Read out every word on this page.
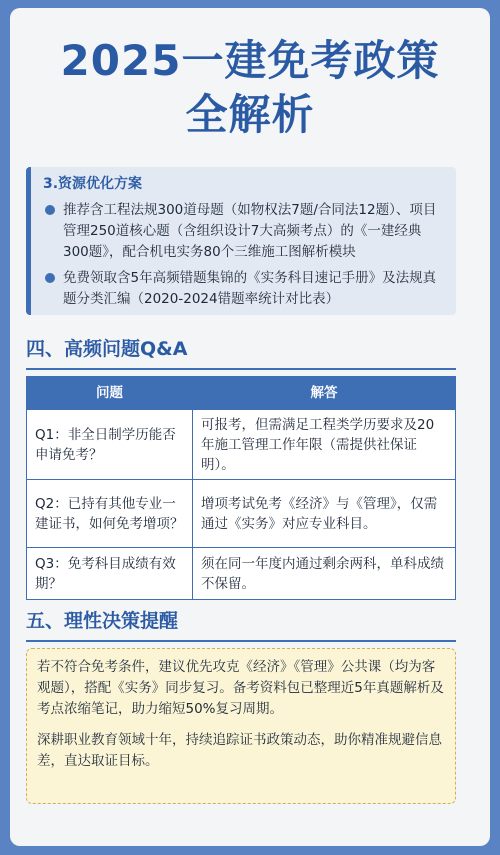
2025一建免考政策
全解析
3.资源优化方案
推荐含工程法规300道母题（如物权法7题/合同法12题）、项目管理250道核心题（含组织设计7大高频考点）的《一建经典300题》，配合机电实务80个三维施工图解析模块
免费领取含5年高频错题集锦的《实务科目速记手册》及法规真题分类汇编（2020-2024错题率统计对比表）
四、高频问题Q&A
问题	解答
Q1：非全日制学历能否申请免考？	可报考，但需满足工程类学历要求及20年施工管理工作年限（需提供社保证明）。
Q2：已持有其他专业一建证书，如何免考增项？	增项考试免考《经济》与《管理》，仅需通过《实务》对应专业科目。
Q3：免考科目成绩有效期？	须在同一年度内通过剩余两科，单科成绩不保留。
五、理性决策提醒

若不符合免考条件，建议优先攻克《经济》《管理》公共课（均为客观题），搭配《实务》同步复习。备考资料包已整理近5年真题解析及考点浓缩笔记，助力缩短50%复习周期。

深耕职业教育领域十年，持续追踪证书政策动态，助你精准规避信息差，直达取证目标。
